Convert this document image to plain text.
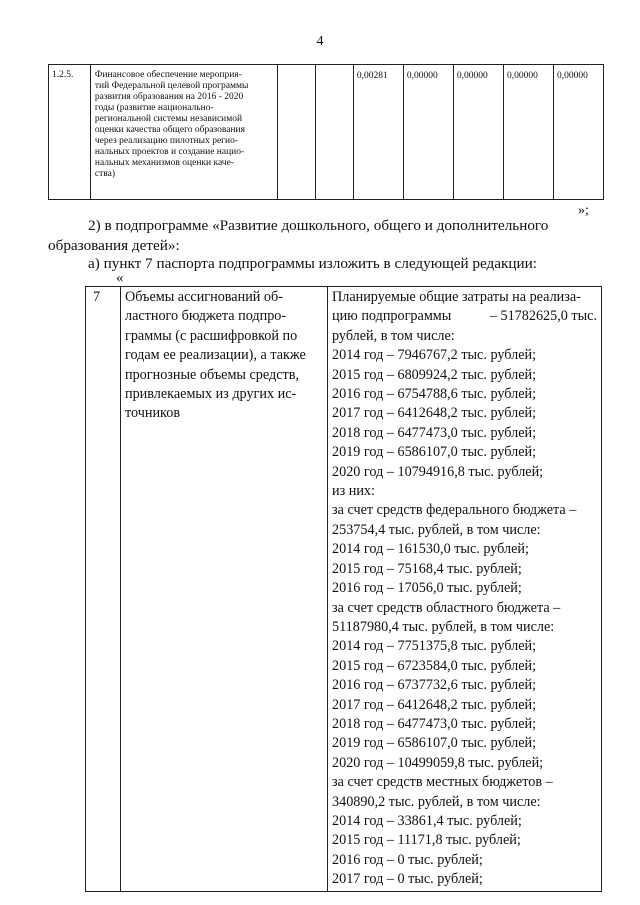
4
1.2.5.	Финансовое обеспечение мероприя-
тий Федеральной целевой программы
развития образования на 2016 - 2020
годы (развитие национально-
региональной системы независимой
оценки качества общего образования
через реализацию пилотных регио-
нальных проектов и создание нацио-
нальных механизмов оценки каче-
ства)
			0,00281	0,00000	0,00000	0,00000	0,00000
»;
2) в подпрограмме «Развитие дошкольного, общего и дополнительного
образования детей»:
а) пункт 7 паспорта подпрограммы изложить в следующей редакции:
«
7	Объемы ассигнований об-
ластного бюджета подпро-
граммы (с расшифровкой по
годам ее реализации), а также
прогнозные объемы средств,
привлекаемых из других ис-
точников

Планируемые общие затраты на реализа-
цию подпрограммы	– 51782625,0 тыс.
рублей, в том числе:
2014 год – 7946767,2 тыс. рублей;
2015 год – 6809924,2 тыс. рублей;
2016 год – 6754788,6 тыс. рублей;
2017 год – 6412648,2 тыс. рублей;
2018 год – 6477473,0 тыс. рублей;
2019 год – 6586107,0 тыс. рублей;
2020 год – 10794916,8 тыс. рублей;
из них:
за счет средств федерального бюджета –
253754,4 тыс. рублей, в том числе:
2014 год – 161530,0 тыс. рублей;
2015 год – 75168,4 тыс. рублей;
2016 год – 17056,0 тыс. рублей;
за счет средств областного бюджета –
51187980,4 тыс. рублей, в том числе:
2014 год – 7751375,8 тыс. рублей;
2015 год – 6723584,0 тыс. рублей;
2016 год – 6737732,6 тыс. рублей;
2017 год – 6412648,2 тыс. рублей;
2018 год – 6477473,0 тыс. рублей;
2019 год – 6586107,0 тыс. рублей;
2020 год – 10499059,8 тыс. рублей;
за счет средств местных бюджетов –
340890,2 тыс. рублей, в том числе:
2014 год – 33861,4 тыс. рублей;
2015 год – 11171,8 тыс. рублей;
2016 год – 0 тыс. рублей;
2017 год – 0 тыс. рублей;
